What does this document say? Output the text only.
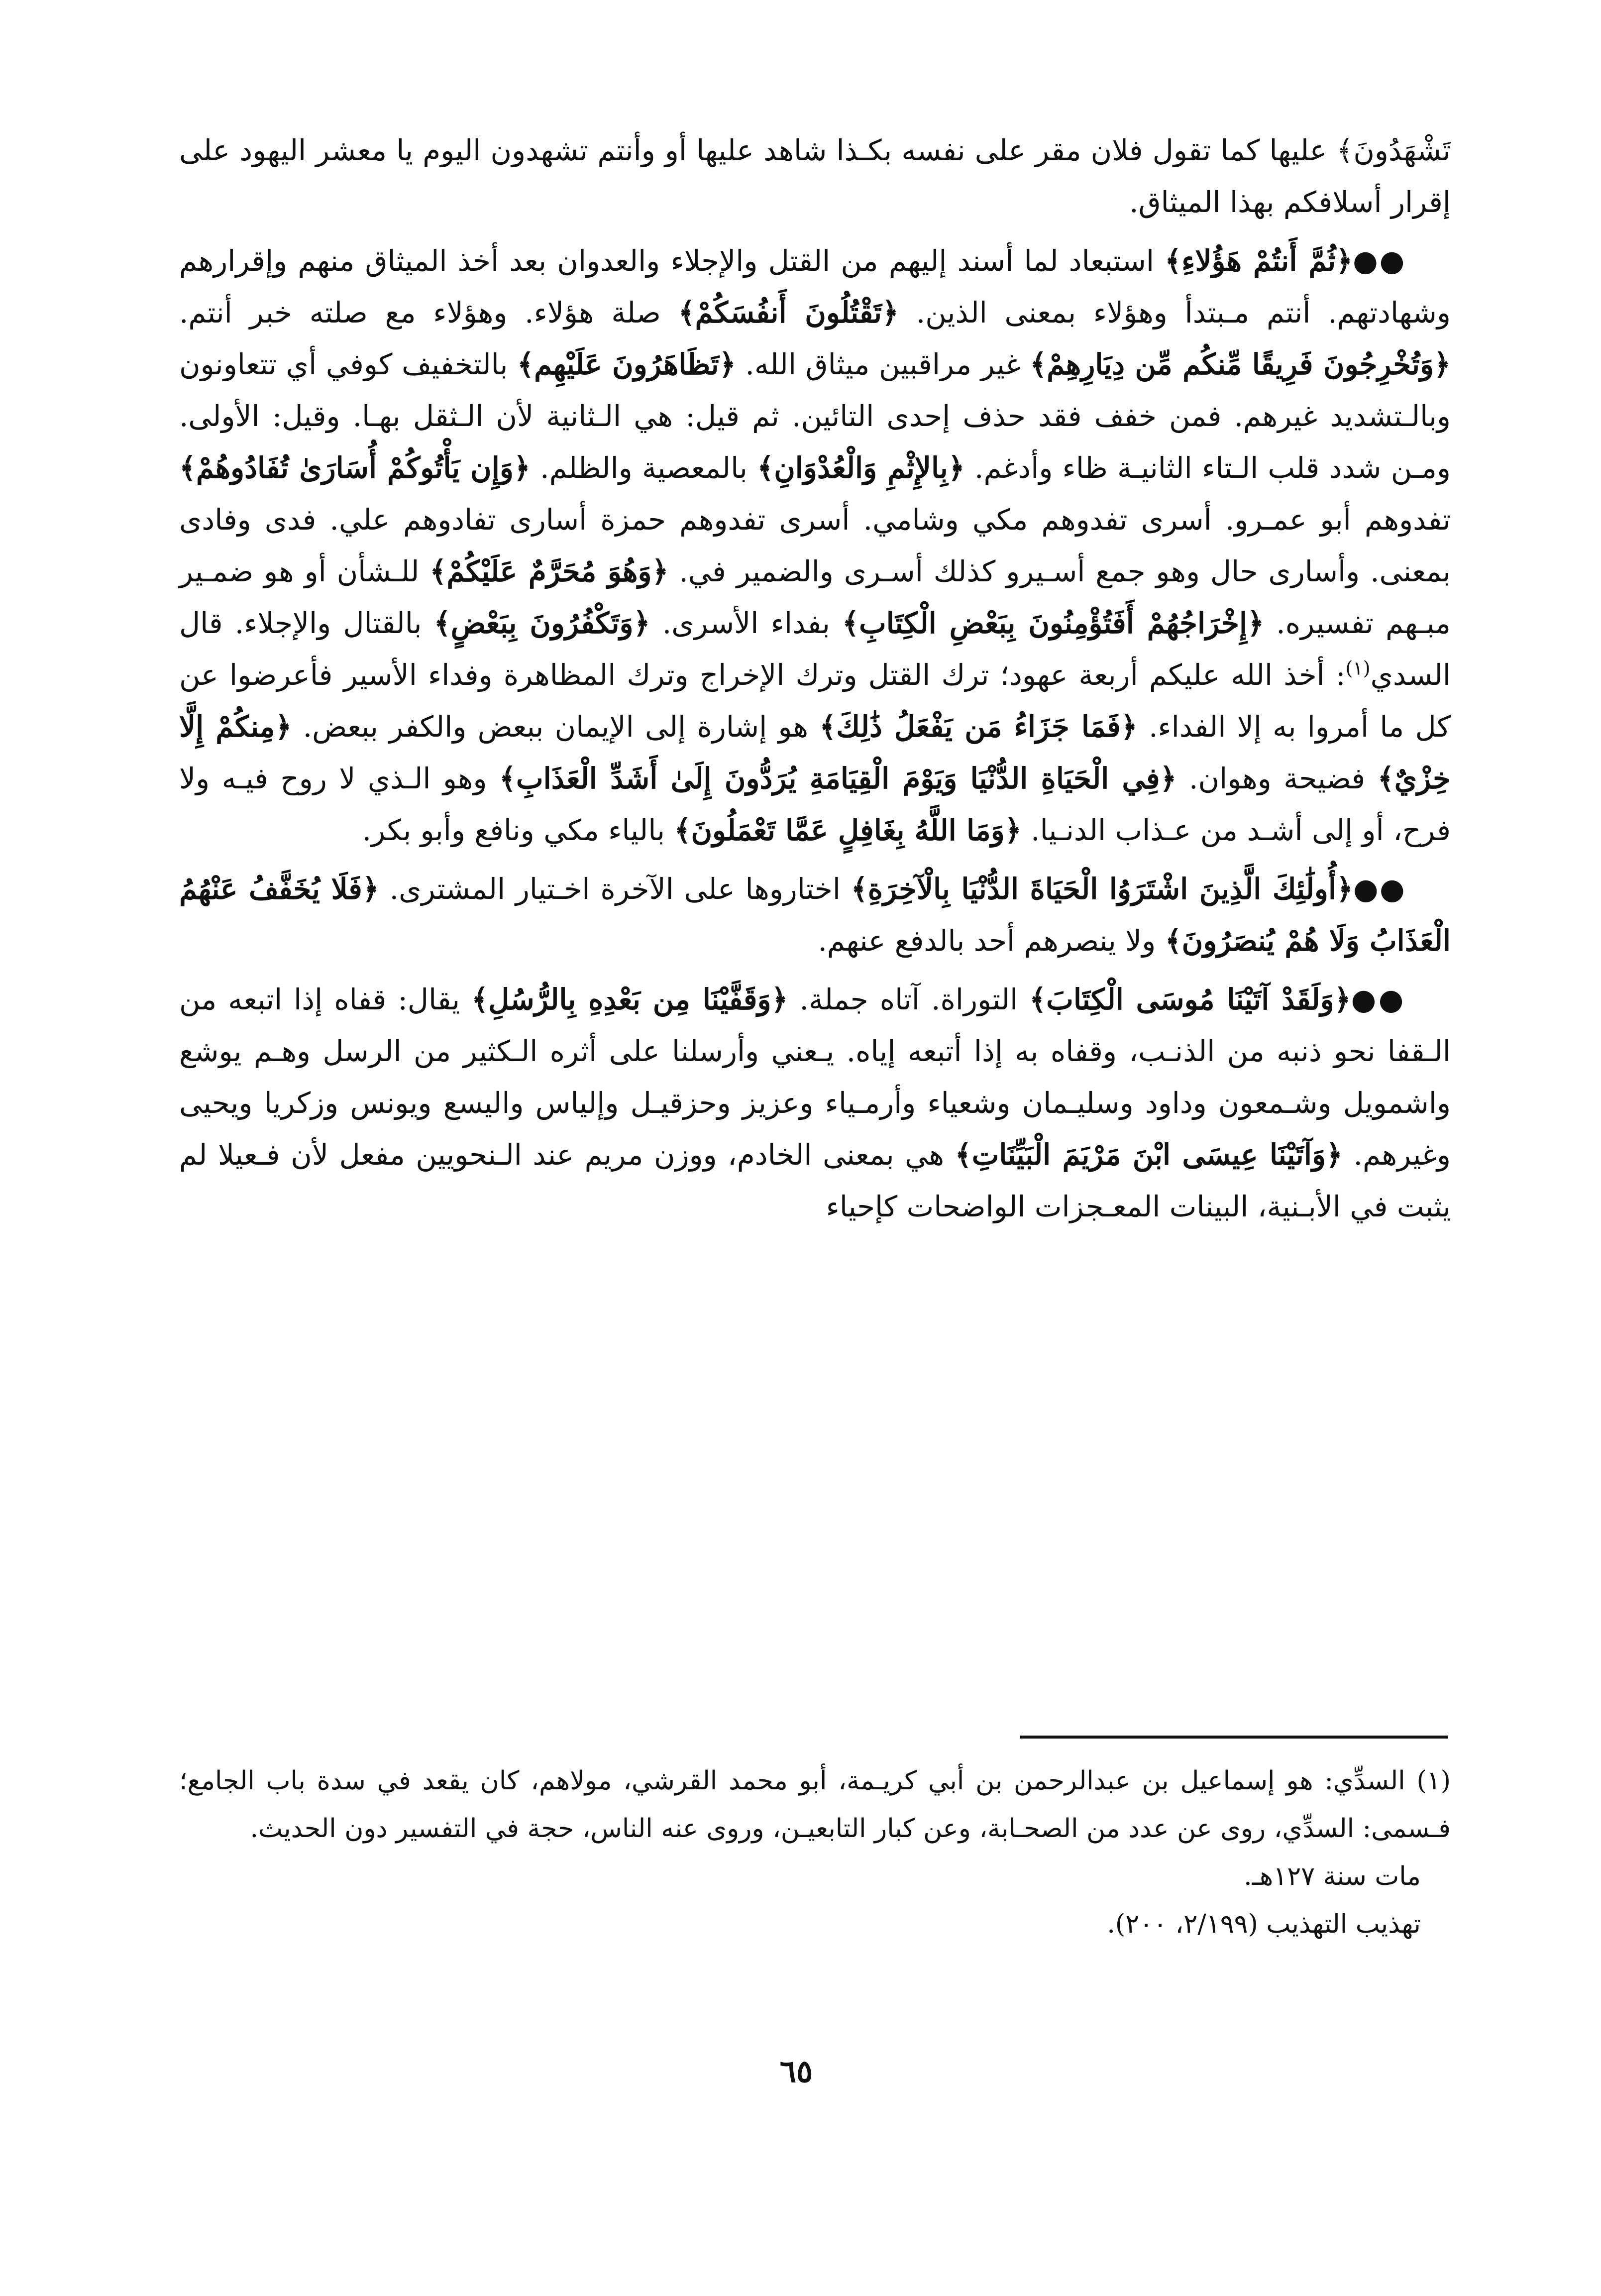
تَشْهَدُونَ﴾ عليها كما تقول فلان مقر على نفسه بكـذا شاهد عليها أو وأنتم تشهدون اليوم يا معشر اليهود على إقرار أسلافكم بهذا الميثاق.

●●﴿ثُمَّ أَنتُمْ هَؤُلاءِ﴾ استبعاد لما أسند إليهم من القتل والإجلاء والعدوان بعد أخذ الميثاق منهم وإقرارهم وشهادتهم. أنتم مـبتدأ وهؤلاء بمعنى الذين. ﴿تَقْتُلُونَ أَنفُسَكُمْ﴾ صلة هؤلاء. وهؤلاء مع صلته خبر أنتم. ﴿وَتُخْرِجُونَ فَرِيقًا مِّنكُم مِّن دِيَارِهِمْ﴾ غير مراقبين ميثاق الله. ﴿تَظَاهَرُونَ عَلَيْهِم﴾ بالتخفيف كوفي أي تتعاونون وبالـتشديد غيرهم. فمن خفف فقد حذف إحدى التائين. ثم قيل: هي الـثانية لأن الـثقل بهـا. وقيل: الأولى. ومـن شدد قلب الـتاء الثانيـة ظاء وأدغم. ﴿بِالإِثْمِ وَالْعُدْوَانِ﴾ بالمعصية والظلم. ﴿وَإِن يَأْتُوكُمْ أُسَارَىٰ تُفَادُوهُمْ﴾ تفدوهم أبو عمـرو. أسرى تفدوهم مكي وشامي. أسرى تفدوهم حمزة أسارى تفادوهم علي. فدى وفادى بمعنى. وأسارى حال وهو جمع أسـيرو كذلك أسـرى والضمير في. ﴿وَهُوَ مُحَرَّمٌ عَلَيْكُمْ﴾ للـشأن أو هو ضمـير مبـهم تفسيره. ﴿إِخْرَاجُهُمْ أَفَتُؤْمِنُونَ بِبَعْضِ الْكِتَابِ﴾ بفداء الأسرى. ﴿وَتَكْفُرُونَ بِبَعْضٍ﴾ بالقتال والإجلاء. قال السدي$^{(١)}$: أخذ الله عليكم أربعة عهود؛ ترك القتل وترك الإخراج وترك المظاهرة وفداء الأسير فأعرضوا عن كل ما أمروا به إلا الفداء. ﴿فَمَا جَزَاءُ مَن يَفْعَلُ ذَٰلِكَ﴾ هو إشارة إلى الإيمان ببعض والكفر ببعض. ﴿مِنكُمْ إِلَّا خِزْيٌ﴾ فضيحة وهوان. ﴿فِي الْحَيَاةِ الدُّنْيَا وَيَوْمَ الْقِيَامَةِ يُرَدُّونَ إِلَىٰ أَشَدِّ الْعَذَابِ﴾ وهو الـذي لا روح فيـه ولا فرح، أو إلى أشـد من عـذاب الدنـيا. ﴿وَمَا اللَّهُ بِغَافِلٍ عَمَّا تَعْمَلُونَ﴾ بالياء مكي ونافع وأبو بكر.

●●﴿أُولَٰئِكَ الَّذِينَ اشْتَرَوُا الْحَيَاةَ الدُّنْيَا بِالْآخِرَةِ﴾ اختاروها على الآخرة اخـتيار المشترى. ﴿فَلَا يُخَفَّفُ عَنْهُمُ الْعَذَابُ وَلَا هُمْ يُنصَرُونَ﴾ ولا ينصرهم أحد بالدفع عنهم.

●●﴿وَلَقَدْ آتَيْنَا مُوسَى الْكِتَابَ﴾ التوراة. آتاه جملة. ﴿وَقَفَّيْنَا مِن بَعْدِهِ بِالرُّسُلِ﴾ يقال: قفاه إذا اتبعه من الـقفا نحو ذنبه من الذنـب، وقفاه به إذا أتبعه إياه. يـعني وأرسلنا على أثره الـكثير من الرسل وهـم يوشع واشمويل وشـمعون وداود وسليـمان وشعياء وأرمـياء وعزيز وحزقيـل وإلياس واليسع ويونس وزكريا ويحيى وغيرهم. ﴿وَآتَيْنَا عِيسَى ابْنَ مَرْيَمَ الْبَيِّنَاتِ﴾ هي بمعنى الخادم، ووزن مريم عند الـنحويين مفعل لأن فـعيلا لم يثبت في الأبـنية، البينات المعـجزات الواضحات كإحياء

(١) السدِّي: هو إسماعيل بن عبدالرحمن بن أبي كريـمة، أبو محمد القرشي، مولاهم، كان يقعد في سدة باب الجامع؛ فـسمى: السدِّي، روى عن عدد من الصحـابة، وعن كبار التابعيـن، وروى عنه الناس، حجة في التفسير دون الحديث.

مات سنة ١٢٧هـ.

تهذيب التهذيب (٢/١٩٩، ٢٠٠).

٦٥
